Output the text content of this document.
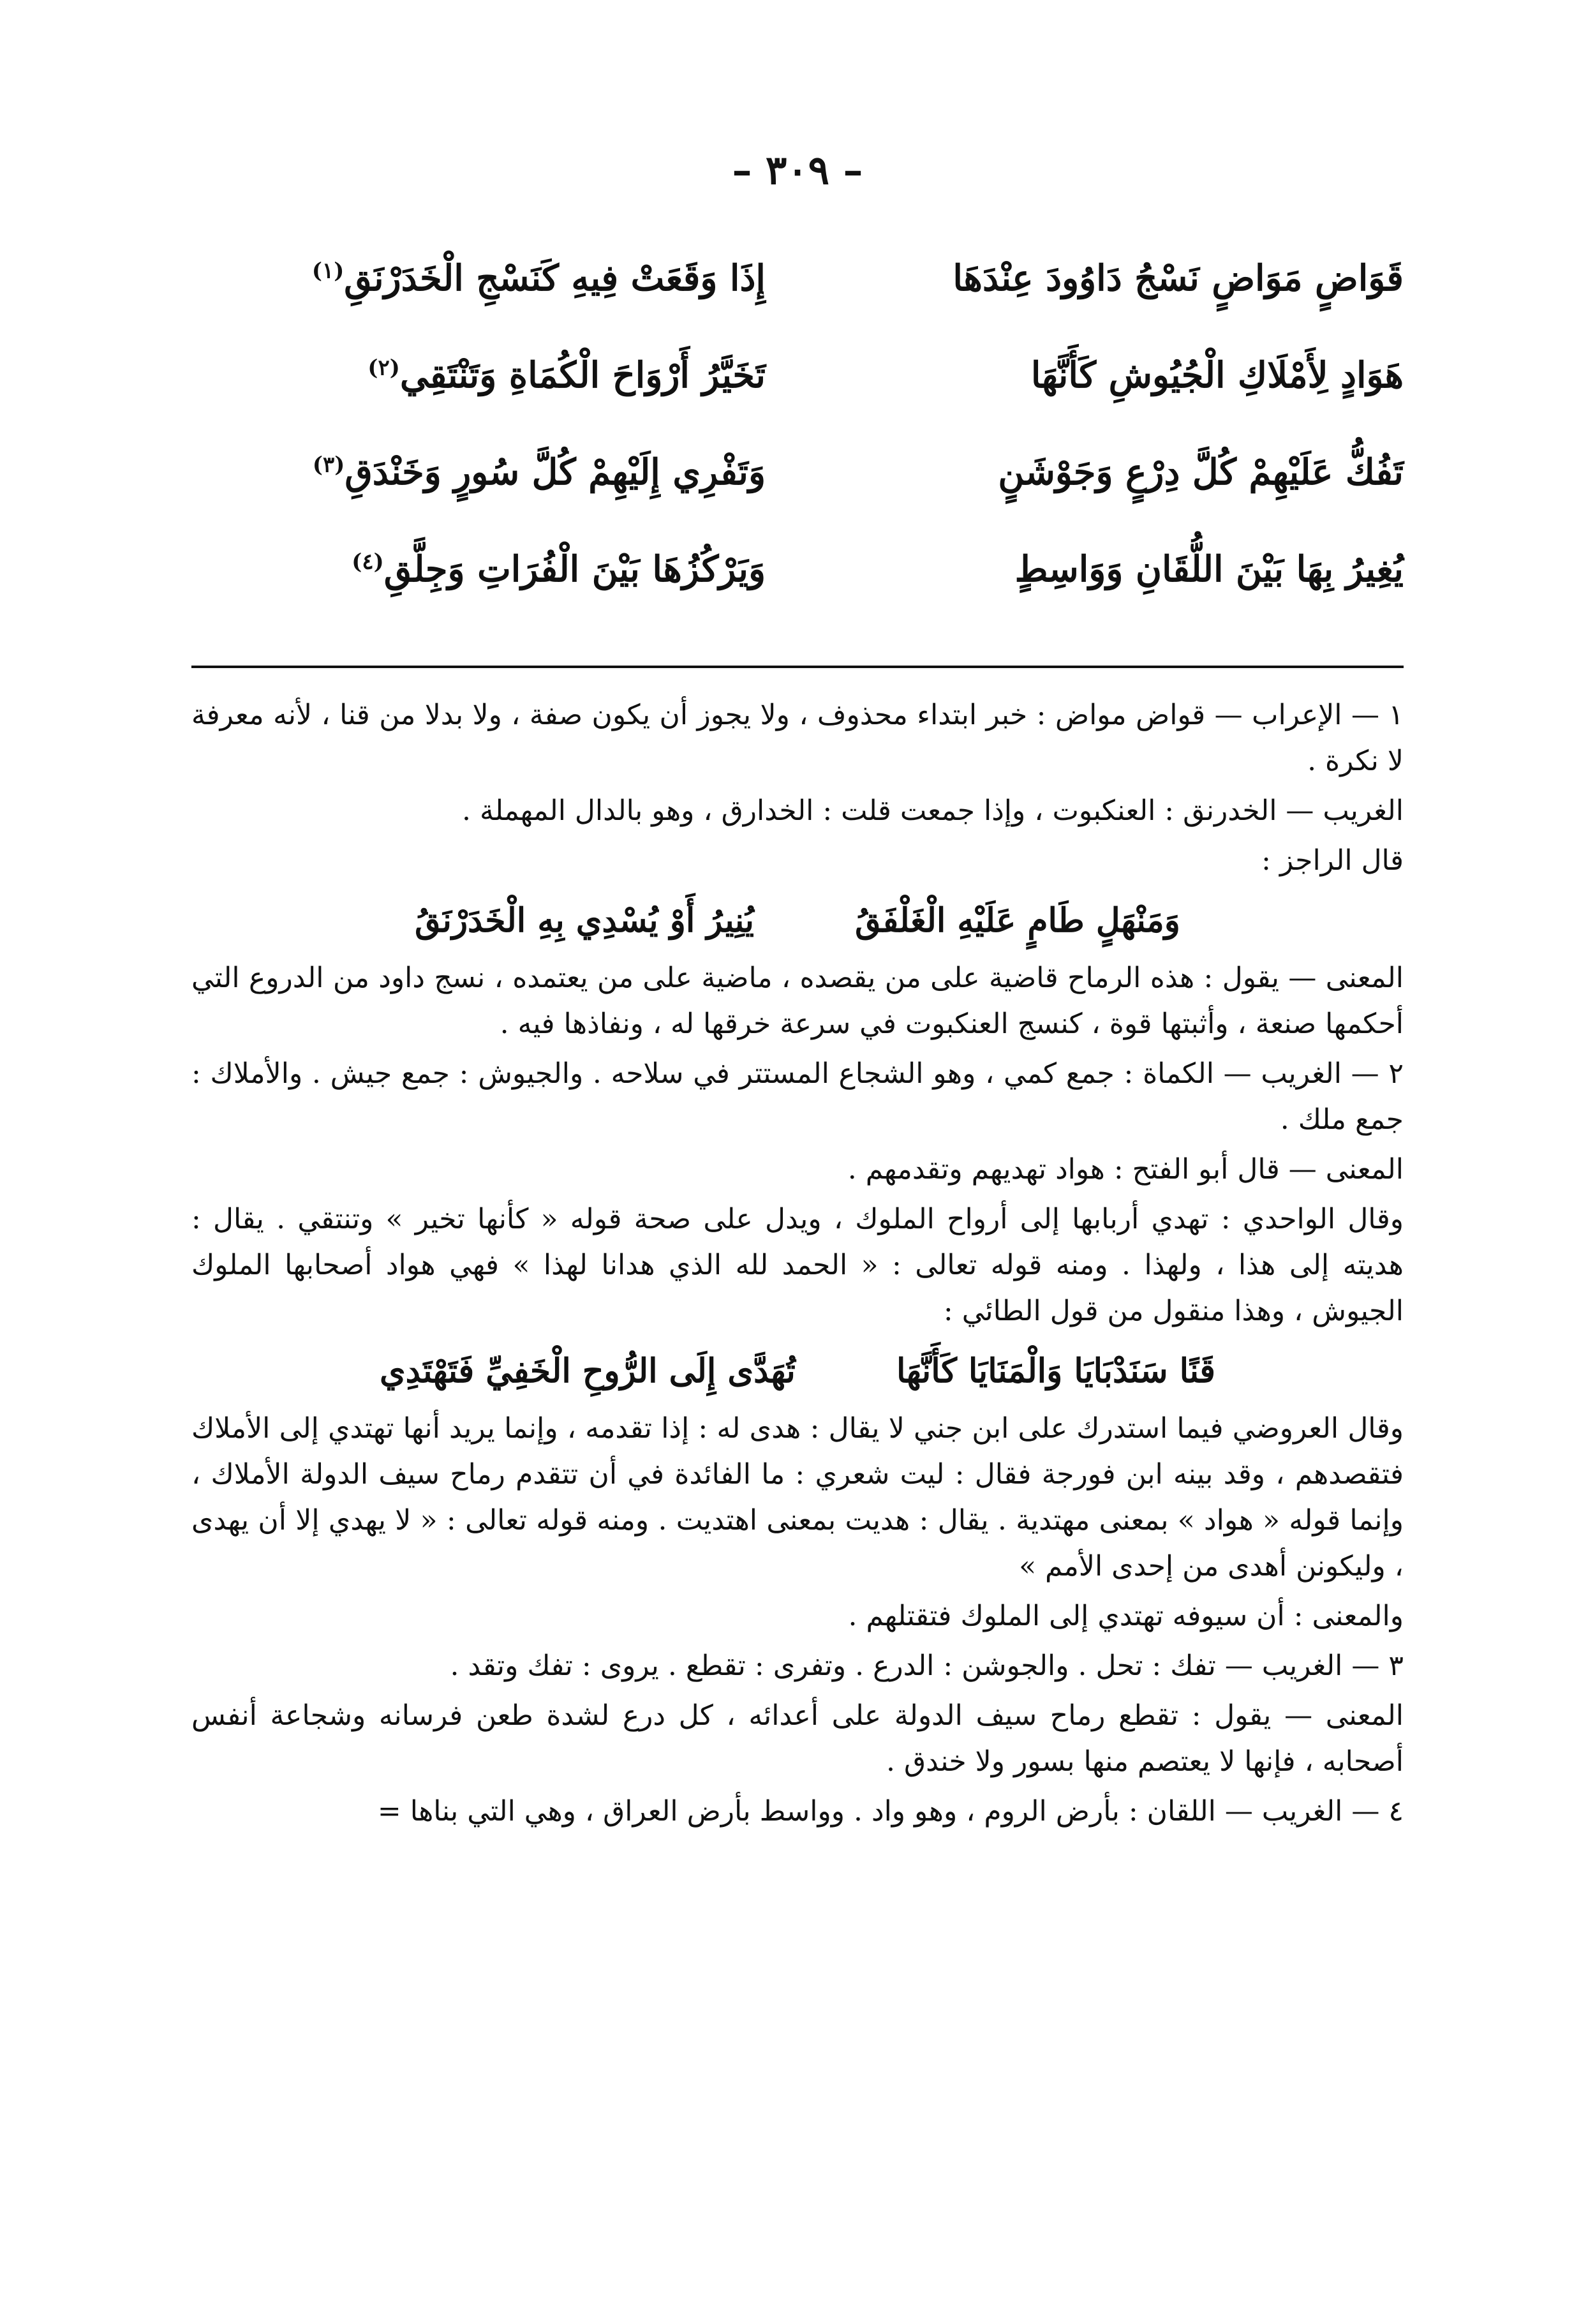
– ٣٠٩ –
قَوَاضٍ مَوَاضٍ نَسْجُ دَاوُودَ عِنْدَهَا
إِذَا وَقَعَتْ فِيهِ كَنَسْجِ الْخَدَرْنَقِ$^{(١)}$
هَوَادٍ لِأَمْلَاكِ الْجُيُوشِ كَأَنَّهَا
تَخَيَّرُ أَرْوَاحَ الْكُمَاةِ وَتَنْتَقِي$^{(٢)}$
تَفُكُّ عَلَيْهِمْ كُلَّ دِرْعٍ وَجَوْشَنٍ
وَتَفْرِي إِلَيْهِمْ كُلَّ سُورٍ وَخَنْدَقِ$^{(٣)}$
يُغِيرُ بِهَا بَيْنَ اللُّقَانِ وَوَاسِطٍ
وَيَرْكُزُهَا بَيْنَ الْفُرَاتِ وَجِلَّقِ$^{(٤)}$

١ — الإعراب — قواض مواض : خبر ابتداء محذوف ، ولا يجوز أن يكون صفة ، ولا بدلا من قنا ، لأنه معرفة لا نكرة .

الغريب — الخدرنق : العنكبوت ، وإذا جمعت قلت : الخدارق ، وهو بالدال المهملة .

قال الراجز :

وَمَنْهَلٍ طَامٍ عَلَيْهِ الْغَلْفَقُ يُنِيرُ أَوْ يُسْدِي بِهِ الْخَدَرْنَقُ

المعنى — يقول : هذه الرماح قاضية على من يقصده ، ماضية على من يعتمده ، نسج داود من الدروع التي أحكمها صنعة ، وأثبتها قوة ، كنسج العنكبوت في سرعة خرقها له ، ونفاذها فيه .

٢ — الغريب — الكماة : جمع كمي ، وهو الشجاع المستتر في سلاحه . والجيوش : جمع جيش . والأملاك : جمع ملك .

المعنى — قال أبو الفتح : هواد تهديهم وتقدمهم .

وقال الواحدي : تهدي أربابها إلى أرواح الملوك ، ويدل على صحة قوله « كأنها تخير » وتنتقي . يقال : هديته إلى هذا ، ولهذا . ومنه قوله تعالى : « الحمد لله الذي هدانا لهذا » فهي هواد أصحابها الملوك الجيوش ، وهذا منقول من قول الطائي :

قَنًا سَنَدْبَايَا وَالْمَنَايَا كَأَنَّهَا تُهَدَّى إِلَى الرُّوحِ الْخَفِيِّ فَتَهْتَدِي

وقال العروضي فيما استدرك على ابن جني لا يقال : هدى له : إذا تقدمه ، وإنما يريد أنها تهتدي إلى الأملاك فتقصدهم ، وقد بينه ابن فورجة فقال : ليت شعري : ما الفائدة في أن تتقدم رماح سيف الدولة الأملاك ، وإنما قوله « هواد » بمعنى مهتدية . يقال : هديت بمعنى اهتديت . ومنه قوله تعالى : « لا يهدي إلا أن يهدى ، وليكونن أهدى من إحدى الأمم »

والمعنى : أن سيوفه تهتدي إلى الملوك فتقتلهم .

٣ — الغريب — تفك : تحل . والجوشن : الدرع . وتفرى : تقطع . يروى : تفك وتقد .

المعنى — يقول : تقطع رماح سيف الدولة على أعدائه ، كل درع لشدة طعن فرسانه وشجاعة أنفس أصحابه ، فإنها لا يعتصم منها بسور ولا خندق .

٤ — الغريب — اللقان : بأرض الروم ، وهو واد . وواسط بأرض العراق ، وهي التي بناها =
